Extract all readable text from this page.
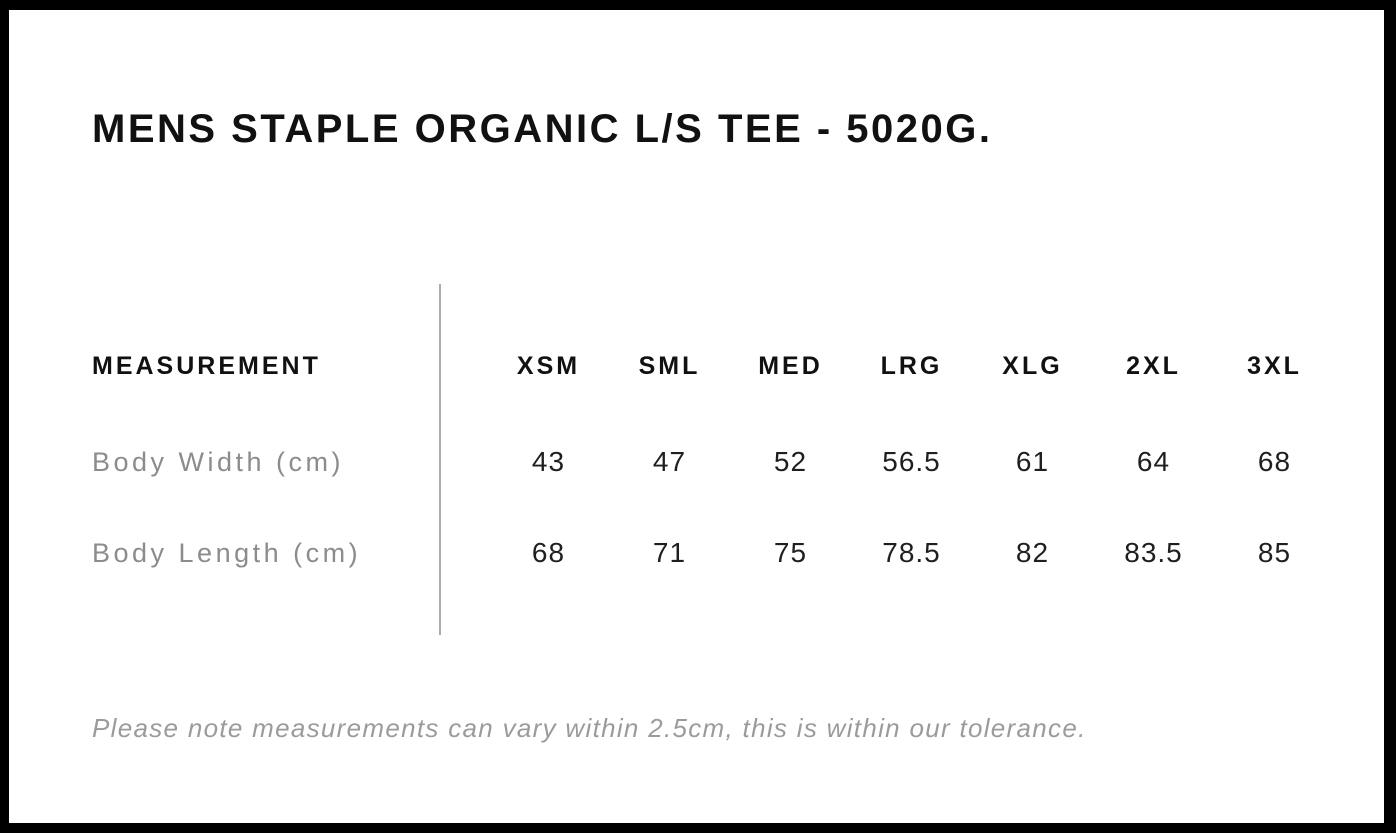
MENS STAPLE ORGANIC L/S TEE - 5020G.
MEASUREMENT		XSM	SML	MED	LRG	XLG	2XL	3XL
Body Width (cm)		43	47	52	56.5	61	64	68
Body Length (cm)		68	71	75	78.5	82	83.5	85

Please note measurements can vary within 2.5cm, this is within our tolerance.
